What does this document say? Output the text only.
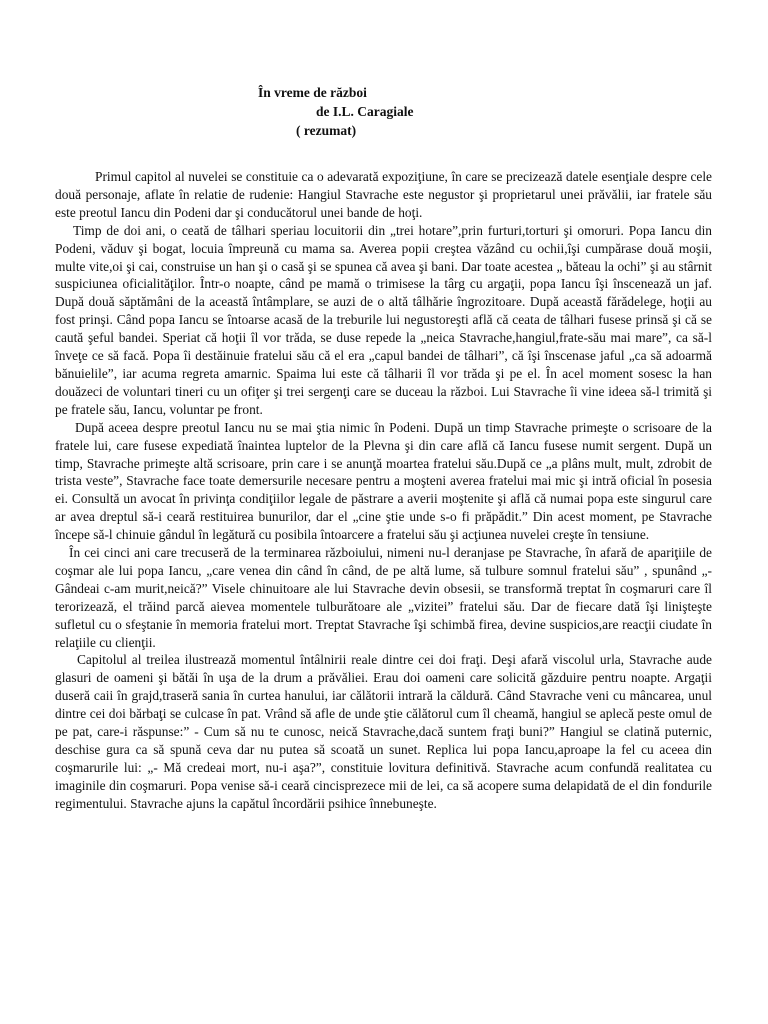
În vreme de război
de I.L. Caragiale
( rezumat)

Primul capitol al nuvelei se constituie ca o adevarată expoziţiune, în care se precizează datele esenţiale despre cele două personaje, aflate în relatie de rudenie: Hangiul Stavrache este negustor şi proprietarul unei prăvălii, iar fratele său este preotul Iancu din Podeni dar şi conducătorul unei bande de hoţi.

Timp de doi ani, o ceată de tâlhari speriau locuitorii din „trei hotare”,prin furturi,torturi şi omoruri. Popa Iancu din Podeni, văduv şi bogat, locuia împreună cu mama sa. Averea popii creştea văzând cu ochii,îşi cumpărase două moşii, multe vite,oi şi cai, construise un han şi o casă şi se spunea că avea şi bani. Dar toate acestea „ băteau la ochi” şi au stârnit suspiciunea oficialităţilor. Într-o noapte, când pe mamă o trimisese la târg cu argaţii, popa Iancu îşi înscenează un jaf. După două săptămâni de la această întâmplare, se auzi de o altă tâlhărie îngrozitoare. După această fărădelege, hoţii au fost prinşi. Când popa Iancu se întoarse acasă de la treburile lui negustoreşti află că ceata de tâlhari fusese prinsă şi că se caută şeful bandei. Speriat că hoţii îl vor trăda, se duse repede la „neica Stavrache,hangiul,frate-său mai mare”, ca să-l înveţe ce să facă. Popa îi destăinuie fratelui său că el era „capul bandei de tâlhari”, că îşi înscenase jaful „ca să adoarmă bănuielile”, iar acuma regreta amarnic. Spaima lui este că tâlharii îl vor trăda şi pe el. În acel moment sosesc la han douăzeci de voluntari tineri cu un ofiţer şi trei sergenţi care se duceau la război. Lui Stavrache îi vine ideea să-l trimită şi pe fratele său, Iancu, voluntar pe front.

După aceea despre preotul Iancu nu se mai ştia nimic în Podeni. După un timp Stavrache primeşte o scrisoare de la fratele lui, care fusese expediată înaintea luptelor de la Plevna şi din care află că Iancu fusese numit sergent. După un timp, Stavrache primeşte altă scrisoare, prin care i se anunţă moartea fratelui său.După ce „a plâns mult, mult, zdrobit de trista veste”, Stavrache face toate demersurile necesare pentru a moşteni averea fratelui mai mic şi intră oficial în posesia ei. Consultă un avocat în privinţa condiţiilor legale de păstrare a averii moştenite şi află că numai popa este singurul care ar avea dreptul să-i ceară restituirea bunurilor, dar el „cine ştie unde s-o fi prăpădit.” Din acest moment, pe Stavrache începe să-l chinuie gândul în legătură cu posibila întoarcere a fratelui său şi acţiunea nuvelei creşte în tensiune.

În cei cinci ani care trecuseră de la terminarea războiului, nimeni nu-l deranjase pe Stavrache, în afară de apariţiile de coşmar ale lui popa Iancu, „care venea din când în când, de pe altă lume, să tulbure somnul fratelui său” , spunând „- Gândeai c-am murit,neică?” Visele chinuitoare ale lui Stavrache devin obsesii, se transformă treptat în coşmaruri care îl terorizează, el trăind parcă aievea momentele tulburătoare ale „vizitei” fratelui său. Dar de fiecare dată îşi linişteşte sufletul cu o sfeştanie în memoria fratelui mort. Treptat Stavrache îşi schimbă firea, devine suspicios,are reacţii ciudate în relaţiile cu clienţii.

Capitolul al treilea ilustrează momentul întâlnirii reale dintre cei doi fraţi. Deşi afară viscolul urla, Stavrache aude glasuri de oameni şi bătăi în uşa de la drum a prăvăliei. Erau doi oameni care solicită găzduire pentru noapte. Argaţii duseră caii în grajd,traseră sania în curtea hanului, iar călătorii intrară la căldură. Când Stavrache veni cu mâncarea, unul dintre cei doi bărbaţi se culcase în pat. Vrând să afle de unde ştie călătorul cum îl cheamă, hangiul se aplecă peste omul de pe pat, care-i răspunse:” - Cum să nu te cunosc, neică Stavrache,dacă suntem fraţi buni?” Hangiul se clatină puternic, deschise gura ca să spună ceva dar nu putea să scoată un sunet. Replica lui popa Iancu,aproape la fel cu aceea din coşmarurile lui: „- Mă credeai mort, nu-i aşa?”, constituie lovitura definitivă. Stavrache acum confundă realitatea cu imaginile din coşmaruri. Popa venise să-i ceară cincisprezece mii de lei, ca să acopere suma delapidată de el din fondurile regimentului. Stavrache ajuns la capătul încordării psihice înnebuneşte.
